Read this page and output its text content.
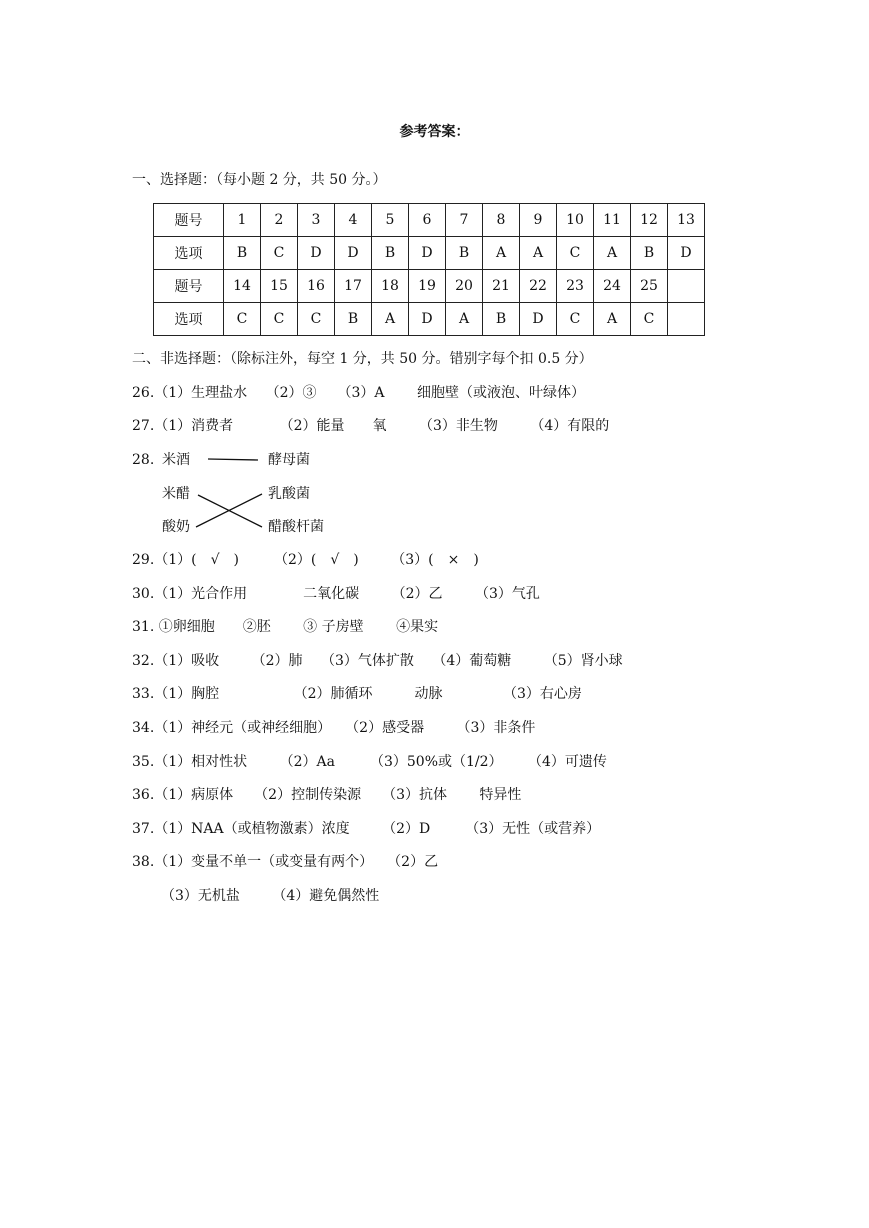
参考答案：
一、选择题：（每小题 2 分，共 50 分。）
题号	1	2	3	4	5	6	7	8	9	10	11	12	13
选项	B	C	D	D	B	D	B	A	A	C	A	B	D
题号	14	15	16	17	18	19	20	21	22	23	24	25	
选项	C	C	C	B	A	D	A	B	D	C	A	C	
二、非选择题：（除标注外，每空 1 分，共 50 分。错别字每个扣 0.5 分）
26.（1）生理盐水　 （2）③　　（3）A　　 细胞壁（或液泡、叶绿体）
27.（1）消费者　　　 （2）能量　　氧　　 （3）非生物　　 （4）有限的
28. 米酒
米醋
酸奶
酵母菌
乳酸菌
醋酸杆菌
29.（1）(　√　)　　　（2）(　√　)　　 （3）(　×　)
30.（1）光合作用　　　　二氧化碳　　 （2）乙　　 （3）气孔
31. ①卵细胞　　②胚　　 ③ 子房壁　　 ④果实
32.（1）吸收　　 （2）肺　 （3）气体扩散　 （4）葡萄糖　　 （5）肾小球
33.（1）胸腔　　　　　 （2）肺循环　　　动脉　　　　 （3）右心房
34.（1）神经元（或神经细胞）　　（2）感受器　　 （3）非条件
35.（1）相对性状　　 （2）Aa　　　（3）50%或（1/2）　　 （4）可遗传
36.（1）病原体　　（2）控制传染源　　（3）抗体　　 特异性
37.（1）NAA（或植物激素）浓度　　 （2）D　　　（3）无性（或营养）
38.（1）变量不单一（或变量有两个）　　（2）乙
（3）无机盐　　 （4）避免偶然性
